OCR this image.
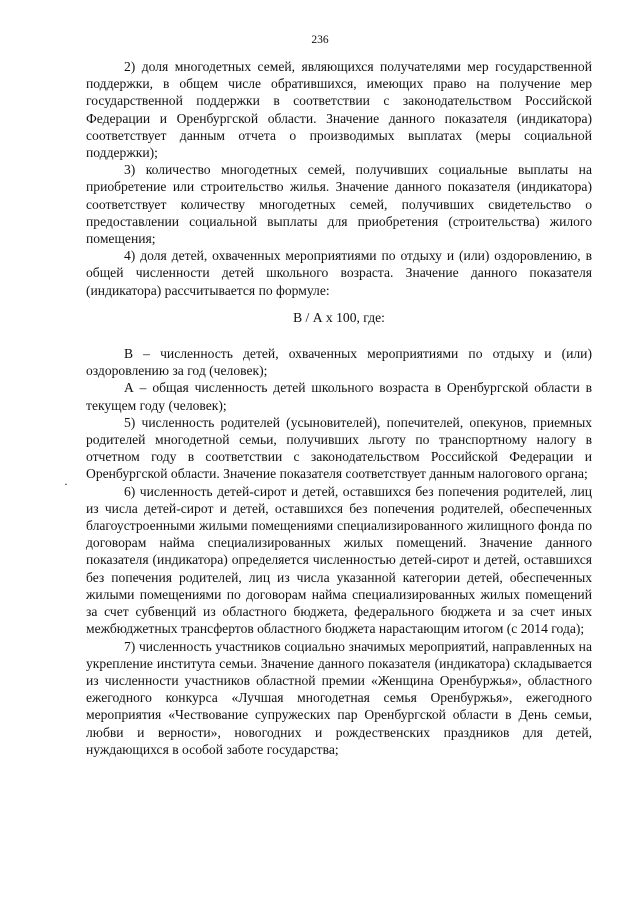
236
·

2) доля многодетных семей, являющихся получателями мер государственной поддержки, в общем числе обратившихся, имеющих право на получение мер государственной поддержки в соответствии с законодательством Российской Федерации и Оренбургской области. Значение данного показателя (индикатора) соответствует данным отчета о производимых выплатах (меры социальной поддержки);

3) количество многодетных семей, получивших социальные выплаты на приобретение или строительство жилья. Значение данного показателя (индикатора) соответствует количеству многодетных семей, получивших свидетельство о предоставлении социальной выплаты для приобретения (строительства) жилого помещения;

4) доля детей, охваченных мероприятиями по отдыху и (или) оздоровлению, в общей численности детей школьного возраста. Значение данного показателя (индикатора) рассчитывается по формуле:

В / А х 100, где:

В – численность детей, охваченных мероприятиями по отдыху и (или) оздоровлению за год (человек);

А – общая численность детей школьного возраста в Оренбургской области в текущем году (человек);

5) численность родителей (усыновителей), попечителей, опекунов, приемных родителей многодетной семьи, получивших льготу по транспортному налогу в отчетном году в соответствии с законодательством Российской Федерации и Оренбургской области. Значение показателя соответствует данным налогового органа;

6) численность детей-сирот и детей, оставшихся без попечения родителей, лиц из числа детей-сирот и детей, оставшихся без попечения родителей, обеспеченных благоустроенными жилыми помещениями специализированного жилищного фонда по договорам найма специализированных жилых помещений. Значение данного показателя (индикатора) определяется численностью детей-сирот и детей, оставшихся без попечения родителей, лиц из числа указанной категории детей, обеспеченных жилыми помещениями по договорам найма специализированных жилых помещений за счет субвенций из областного бюджета, федерального бюджета и за счет иных межбюджетных трансфертов областного бюджета нарастающим итогом (с 2014 года);

7) численность участников социально значимых мероприятий, направленных на укрепление института семьи. Значение данного показателя (индикатора) складывается из численности участников областной премии «Женщина Оренбуржья», областного ежегодного конкурса «Лучшая многодетная семья Оренбуржья», ежегодного мероприятия «Чествование супружеских пар Оренбургской области в День семьи, любви и верности», новогодних и рождественских праздников для детей, нуждающихся в особой заботе государства;
